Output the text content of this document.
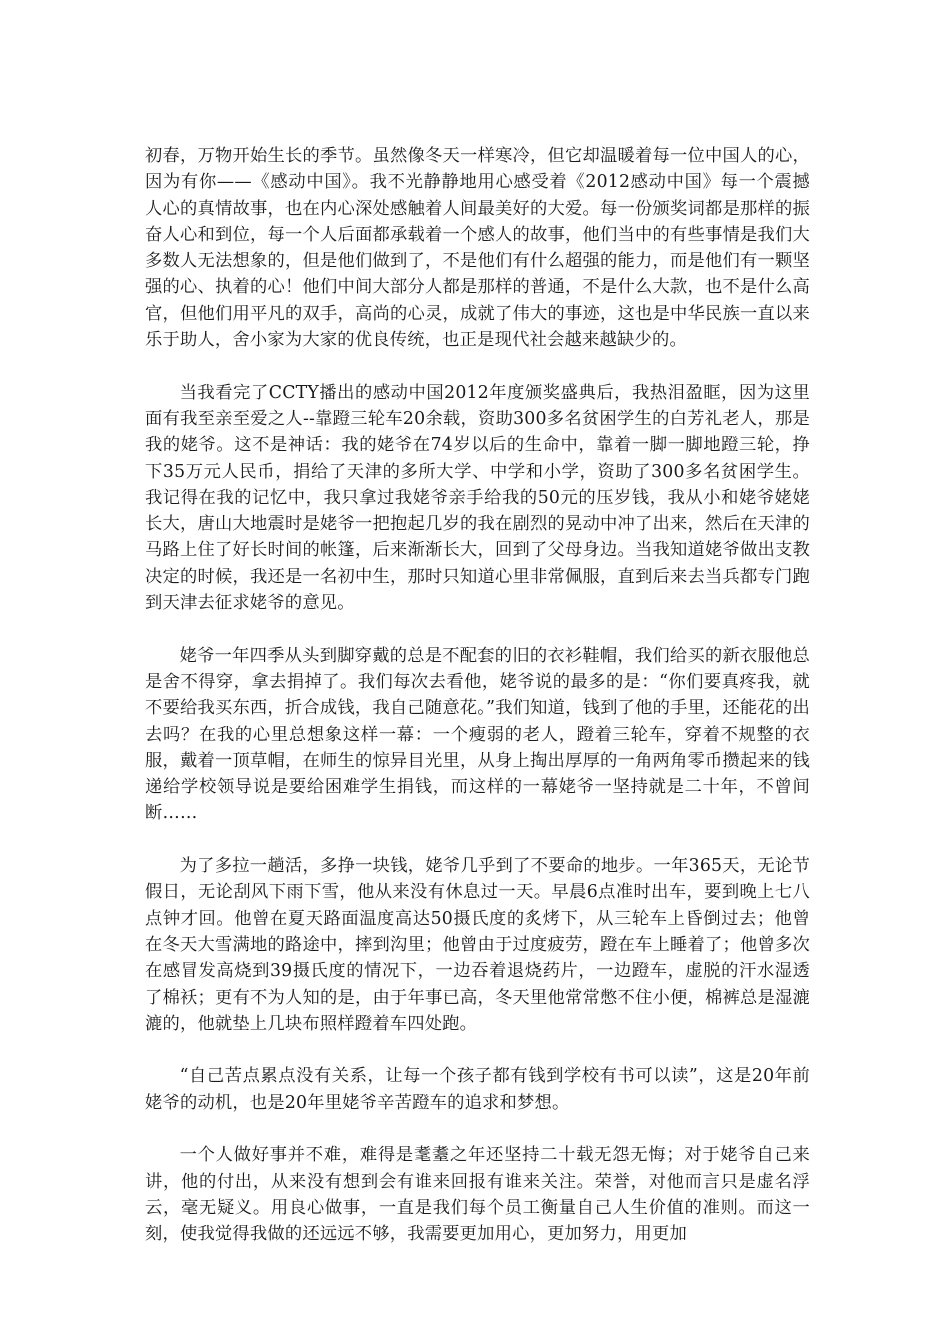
初春，万物开始生长的季节。虽然像冬天一样寒冷，但它却温暖着每一位中国人的心，因为有你——《感动中国》。我不光静静地用心感受着《2012感动中国》每一个震撼人心的真情故事，也在内心深处感触着人间最美好的大爱。每一份颁奖词都是那样的振奋人心和到位，每一个人后面都承载着一个感人的故事，他们当中的有些事情是我们大多数人无法想象的，但是他们做到了，不是他们有什么超强的能力，而是他们有一颗坚强的心、执着的心！他们中间大部分人都是那样的普通，不是什么大款，也不是什么高官，但他们用平凡的双手，高尚的心灵，成就了伟大的事迹，这也是中华民族一直以来乐于助人，舍小家为大家的优良传统，也正是现代社会越来越缺少的。

当我看完了CCTY播出的感动中国2012年度颁奖盛典后，我热泪盈眶，因为这里面有我至亲至爱之人--靠蹬三轮车20余载，资助300多名贫困学生的白芳礼老人，那是我的姥爷。这不是神话：我的姥爷在74岁以后的生命中，靠着一脚一脚地蹬三轮，挣下35万元人民币，捐给了天津的多所大学、中学和小学，资助了300多名贫困学生。我记得在我的记忆中，我只拿过我姥爷亲手给我的50元的压岁钱，我从小和姥爷姥姥长大，唐山大地震时是姥爷一把抱起几岁的我在剧烈的晃动中冲了出来，然后在天津的马路上住了好长时间的帐篷，后来渐渐长大，回到了父母身边。当我知道姥爷做出支教决定的时候，我还是一名初中生，那时只知道心里非常佩服，直到后来去当兵都专门跑到天津去征求姥爷的意见。

姥爷一年四季从头到脚穿戴的总是不配套的旧的衣衫鞋帽，我们给买的新衣服他总是舍不得穿，拿去捐掉了。我们每次去看他，姥爷说的最多的是：“你们要真疼我，就不要给我买东西，折合成钱，我自己随意花。”我们知道，钱到了他的手里，还能花的出去吗？在我的心里总想象这样一幕：一个瘦弱的老人，蹬着三轮车，穿着不规整的衣服，戴着一顶草帽，在师生的惊异目光里，从身上掏出厚厚的一角两角零币攒起来的钱递给学校领导说是要给困难学生捐钱，而这样的一幕姥爷一坚持就是二十年，不曾间断……

为了多拉一趟活，多挣一块钱，姥爷几乎到了不要命的地步。一年365天，无论节假日，无论刮风下雨下雪，他从来没有休息过一天。早晨6点准时出车，要到晚上七八点钟才回。他曾在夏天路面温度高达50摄氏度的炙烤下，从三轮车上昏倒过去；他曾在冬天大雪满地的路途中，摔到沟里；他曾由于过度疲劳，蹬在车上睡着了；他曾多次在感冒发高烧到39摄氏度的情况下，一边吞着退烧药片，一边蹬车，虚脱的汗水湿透了棉袄；更有不为人知的是，由于年事已高，冬天里他常常憋不住小便，棉裤总是湿漉漉的，他就垫上几块布照样蹬着车四处跑。

“自己苦点累点没有关系，让每一个孩子都有钱到学校有书可以读”，这是20年前姥爷的动机，也是20年里姥爷辛苦蹬车的追求和梦想。

一个人做好事并不难，难得是耄耋之年还坚持二十载无怨无悔；对于姥爷自己来讲，他的付出，从来没有想到会有谁来回报有谁来关注。荣誉，对他而言只是虚名浮云，毫无疑义。用良心做事，一直是我们每个员工衡量自己人生价值的准则。而这一刻，使我觉得我做的还远远不够，我需要更加用心，更加努力，用更加
